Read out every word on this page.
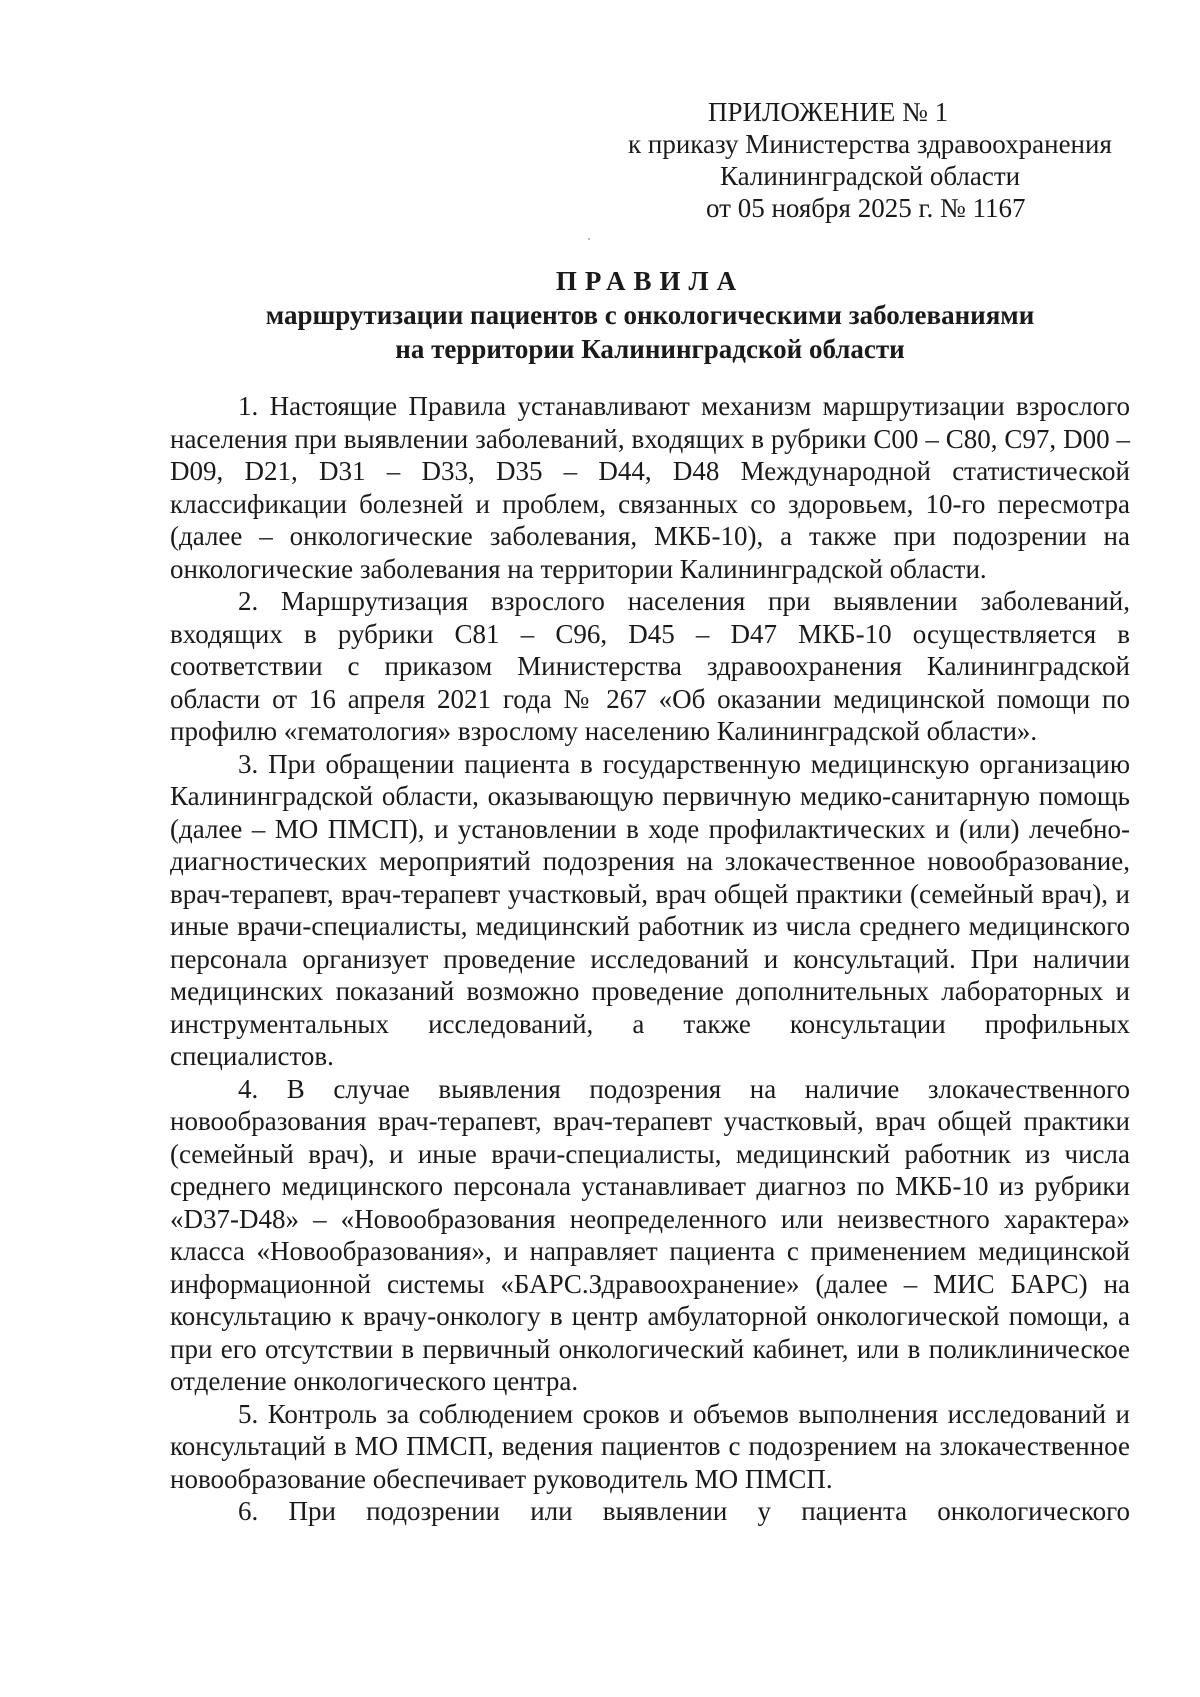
ПРИЛОЖЕНИЕ № 1
к приказу Министерства здравоохранения
Калининградской области
от 05 ноября 2025 г. № 1167
ПРАВИЛА
маршрутизации пациентов с онкологическими заболеваниями
на территории Калининградской области

1. Настоящие Правила устанавливают механизм маршрутизации взрослого населения при выявлении заболеваний, входящих в рубрики С00 – С80, С97, D00 – D09, D21, D31 – D33, D35 – D44, D48 Международной статистической классификации болезней и проблем, связанных со здоровьем, 10-го пересмотра (далее – онкологические заболевания, МКБ-10), а также при подозрении на онкологические заболевания на территории Калининградской области.

2. Маршрутизация взрослого населения при выявлении заболеваний, входящих в рубрики С81 – С96, D45 – D47 МКБ-10 осуществляется в соответствии с приказом Министерства здравоохранения Калининградской области от 16 апреля 2021 года № 267 «Об оказании медицинской помощи по профилю «гематология» взрослому населению Калининградской области».

3. При обращении пациента в государственную медицинскую организацию Калининградской области, оказывающую первичную медико-санитарную помощь (далее – МО ПМСП), и установлении в ходе профилактических и (или) лечебно-диагностических мероприятий подозрения на злокачественное новообразование, врач-терапевт, врач-терапевт участковый, врач общей практики (семейный врач), и иные врачи-специалисты, медицинский работник из числа среднего медицинского персонала организует проведение исследований и консультаций. При наличии медицинских показаний возможно проведение дополнительных лабораторных и инструментальных исследований, а также консультации профильных специалистов.

4. В случае выявления подозрения на наличие злокачественного новообразования врач-терапевт, врач-терапевт участковый, врач общей практики (семейный врач), и иные врачи-специалисты, медицинский работник из числа среднего медицинского персонала устанавливает диагноз по МКБ-10 из рубрики «D37-D48» – «Новообразования неопределенного или неизвестного характера» класса «Новообразования», и направляет пациента с применением медицинской информационной системы «БАРС.Здравоохранение» (далее – МИС БАРС) на консультацию к врачу-онкологу в центр амбулаторной онкологической помощи, а при его отсутствии в первичный онкологический кабинет, или в поликлиническое отделение онкологического центра.

5. Контроль за соблюдением сроков и объемов выполнения исследований и консультаций в МО ПМСП, ведения пациентов с подозрением на злокачественное новообразование обеспечивает руководитель МО ПМСП.

6. При подозрении или выявлении у пациента онкологического
